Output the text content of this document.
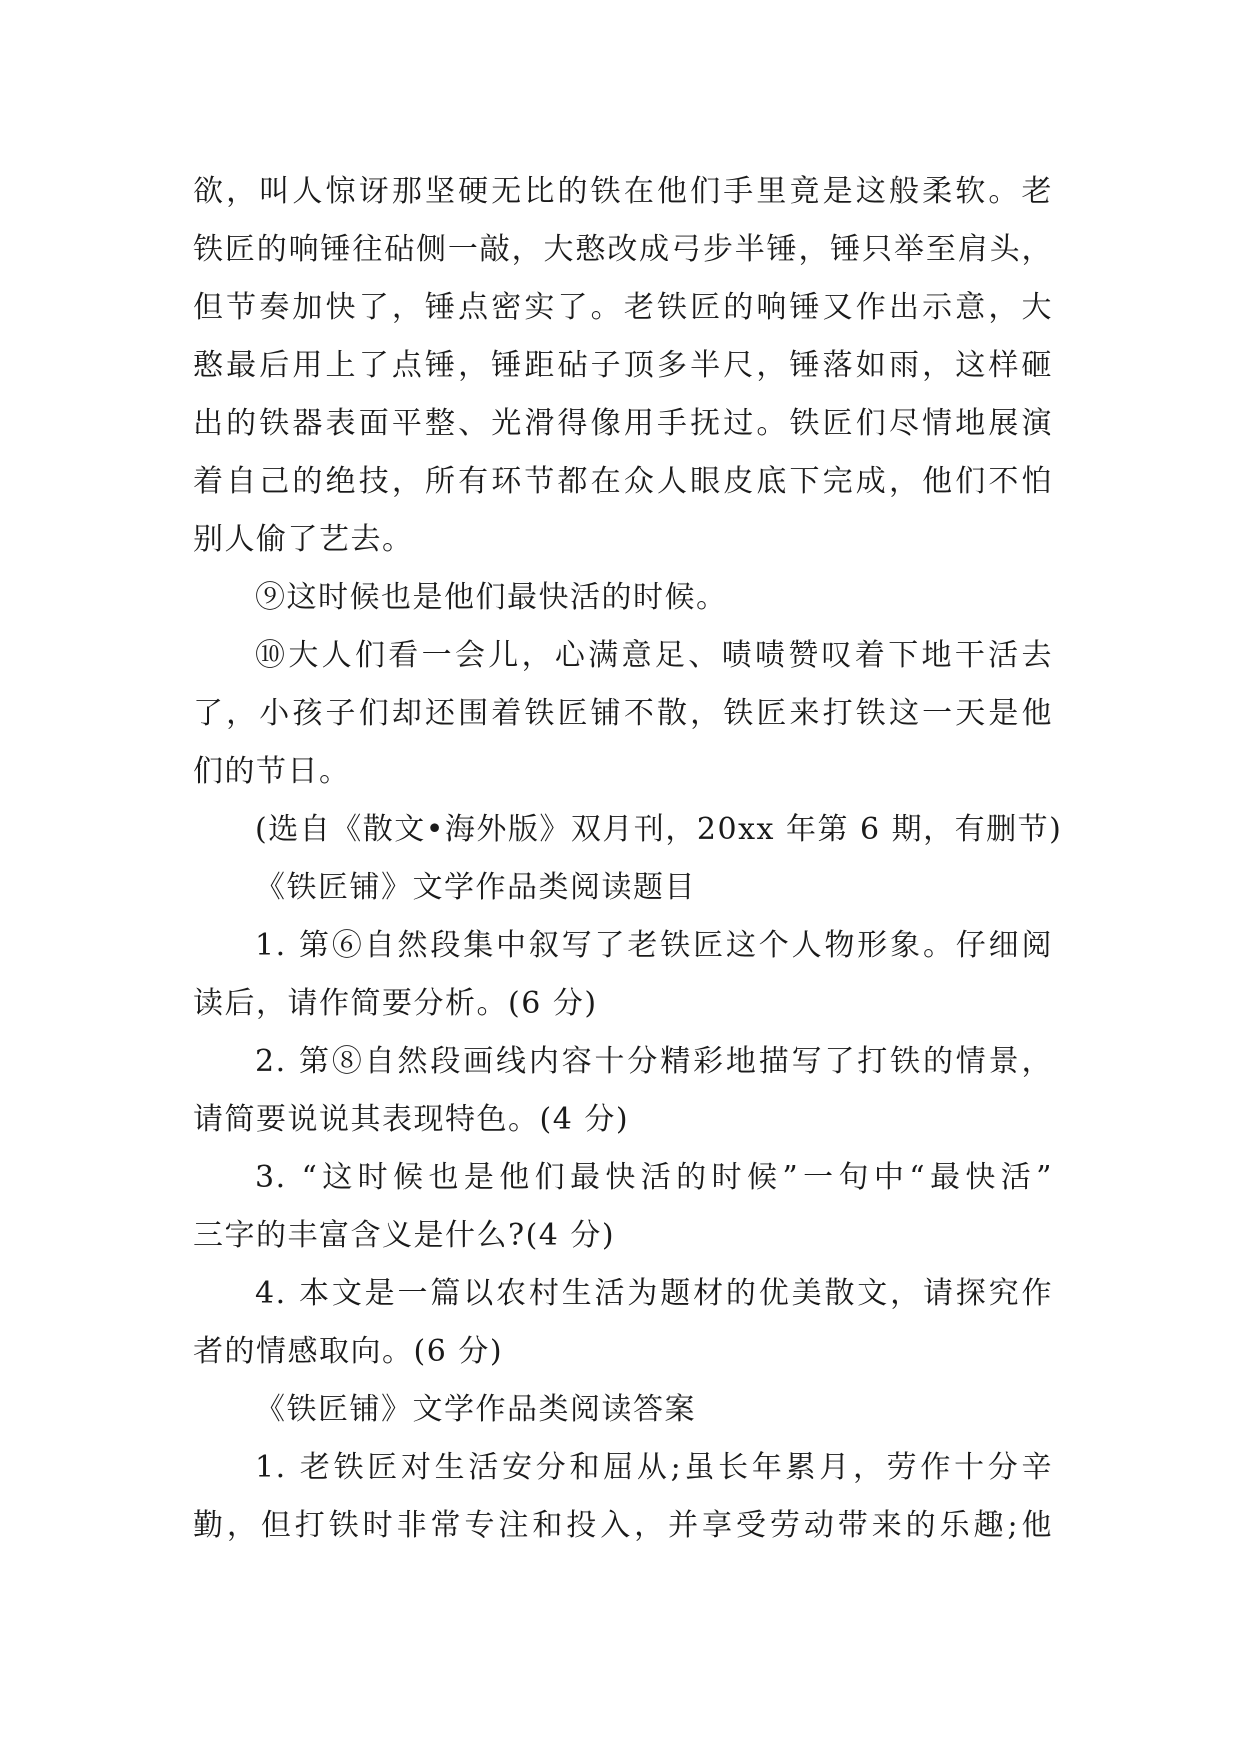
欲，叫人惊讶那坚硬无比的铁在他们手里竟是这般柔软。老
铁匠的响锤往砧侧一敲，大憨改成弓步半锤，锤只举至肩头，
但节奏加快了，锤点密实了。老铁匠的响锤又作出示意，大
憨最后用上了点锤，锤距砧子顶多半尺，锤落如雨，这样砸
出的铁器表面平整、光滑得像用手抚过。铁匠们尽情地展演
着自己的绝技，所有环节都在众人眼皮底下完成，他们不怕
别人偷了艺去。
⑨这时候也是他们最快活的时候。
⑩大人们看一会儿，心满意足、啧啧赞叹着下地干活去
了，小孩子们却还围着铁匠铺不散，铁匠来打铁这一天是他
们的节日。
(选自《散文•海外版》双月刊，20xx 年第 6 期，有删节)
《铁匠铺》文学作品类阅读题目
1. 第⑥自然段集中叙写了老铁匠这个人物形象。仔细阅
读后，请作简要分析。(6 分)
2. 第⑧自然段画线内容十分精彩地描写了打铁的情景，
请简要说说其表现特色。(4 分)
3. “这时候也是他们最快活的时候”一句中“最快活”
三字的丰富含义是什么?(4 分)
4. 本文是一篇以农村生活为题材的优美散文，请探究作
者的情感取向。(6 分)
《铁匠铺》文学作品类阅读答案
1. 老铁匠对生活安分和屈从;虽长年累月，劳作十分辛
勤，但打铁时非常专注和投入，并享受劳动带来的乐趣;他
